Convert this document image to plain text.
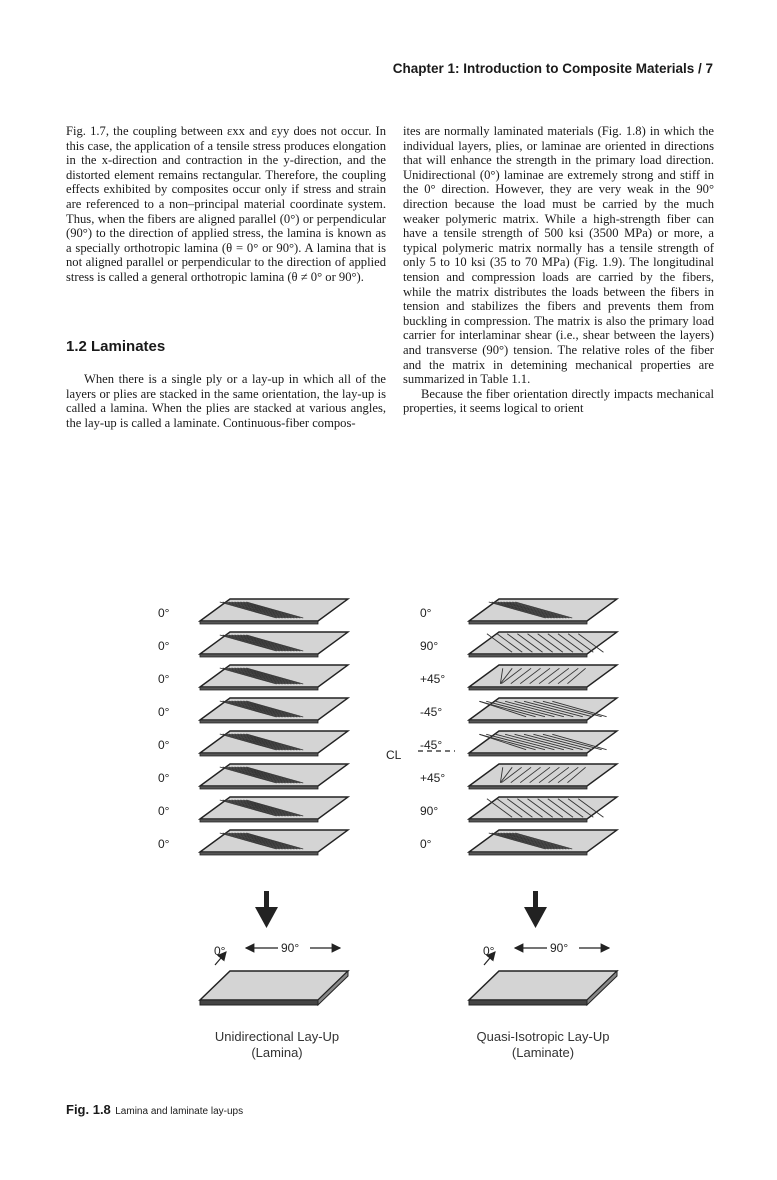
Chapter 1: Introduction to Composite Materials / 7

Fig. 1.7, the coupling between εxx and εyy does not occur. In this case, the application of a tensile stress produces elongation in the x-direction and contraction in the y-direction, and the distorted element remains rectangular. Therefore, the coupling effects exhibited by composites occur only if stress and strain are referenced to a non–principal material coordinate system. Thus, when the fibers are aligned parallel (0°) or perpendicular (90°) to the direction of applied stress, the lamina is known as a specially orthotropic lamina (θ = 0° or 90°). A lamina that is not aligned parallel or perpendicular to the direction of applied stress is called a general orthotropic lamina (θ ≠ 0° or 90°).

1.2 Laminates

When there is a single ply or a lay-up in which all of the layers or plies are stacked in the same orientation, the lay-up is called a lamina. When the plies are stacked at various angles, the lay-up is called a laminate. Continuous-fiber compos-

ites are normally laminated materials (Fig. 1.8) in which the individual layers, plies, or laminae are oriented in directions that will enhance the strength in the primary load direction. Unidirectional (0°) laminae are extremely strong and stiff in the 0° direction. However, they are very weak in the 90° direction because the load must be carried by the much weaker polymeric matrix. While a high-strength fiber can have a tensile strength of 500 ksi (3500 MPa) or more, a typical polymeric matrix normally has a tensile strength of only 5 to 10 ksi (35 to 70 MPa) (Fig. 1.9). The longitudinal tension and compression loads are carried by the fibers, while the matrix distributes the loads between the fibers in tension and stabilizes the fibers and prevents them from buckling in compression. The matrix is also the primary load carrier for interlaminar shear (i.e., shear between the layers) and transverse (90°) tension. The relative roles of the fiber and the matrix in detemining mechanical properties are summarized in Table 1.1.

Because the fiber orientation directly impacts mechanical properties, it seems logical to orient

0°
0°
0°
0°
0°
0°
0°
0°
0°
90°
+45°
-45°
-45°
+45°
90°
0°
CL
0°	90°	0°	90°
Unidirectional Lay-Up
(Lamina)
Quasi-Isotropic Lay-Up
(Laminate)
Fig. 1.8 Lamina and laminate lay-ups
